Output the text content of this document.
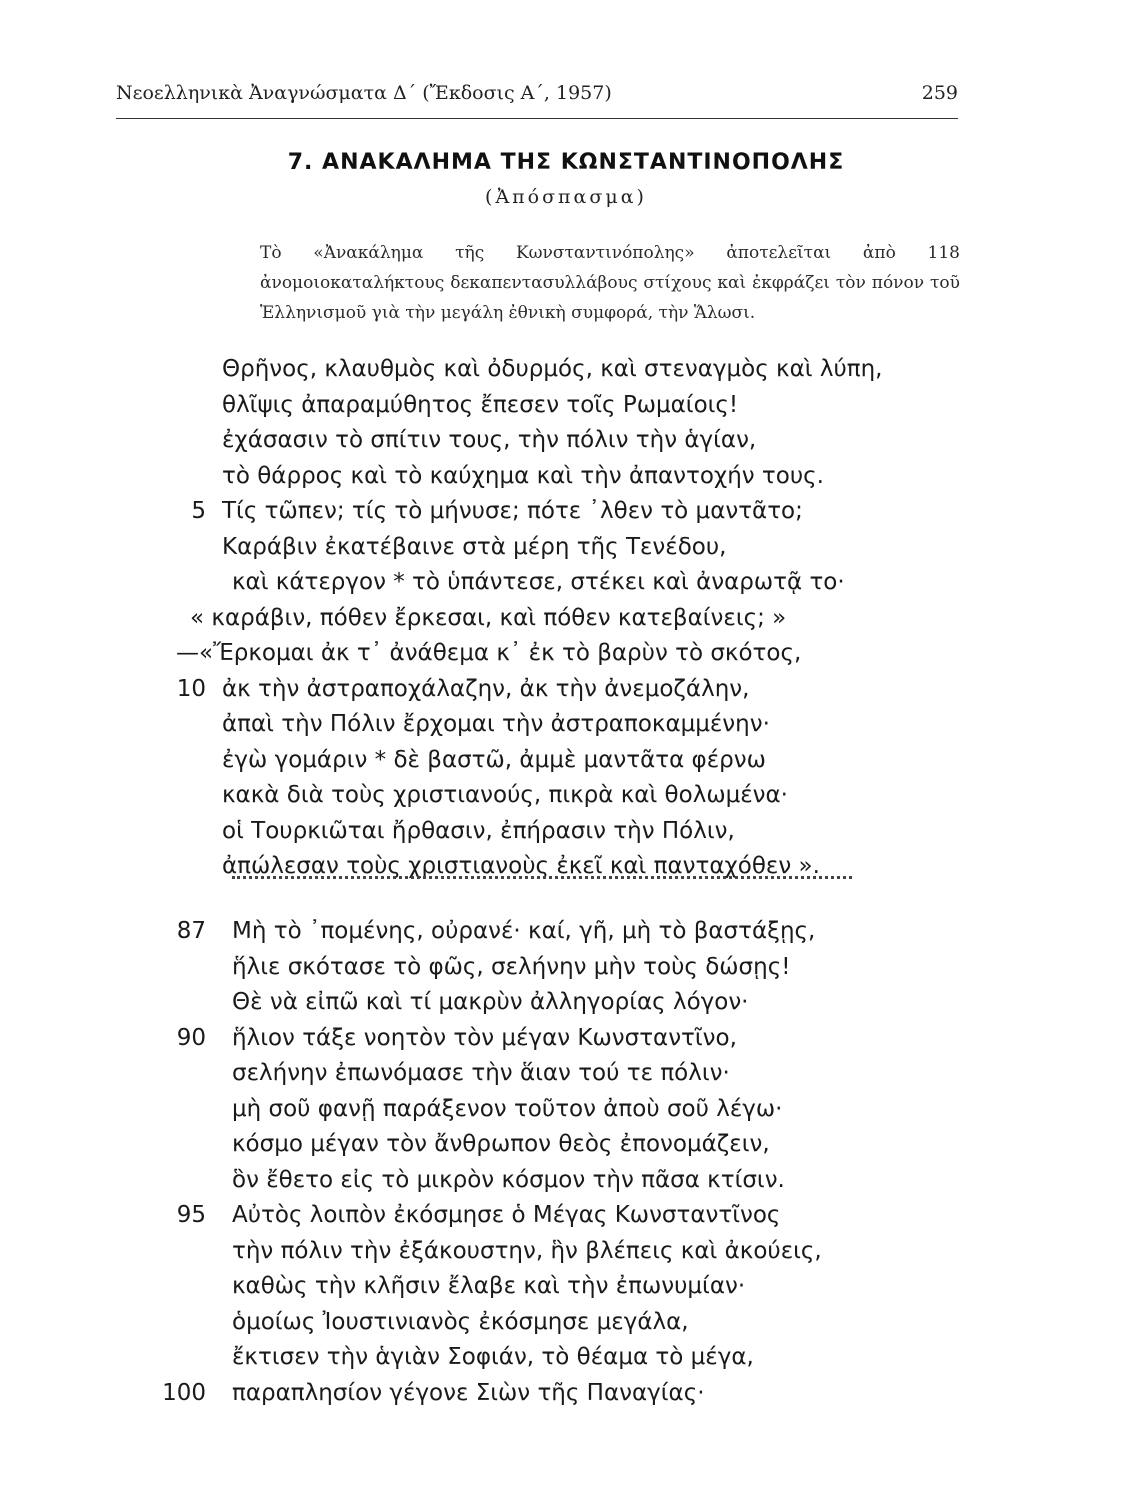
Νεοελληνικὰ Ἀναγνώσματα Δ´ (Ἔκδοσις Α´, 1957)	259
7. ΑΝΑΚΑΛΗΜΑ ΤΗΣ ΚΩΝΣΤΑΝΤΙΝΟΠΟΛΗΣ
(Ἀπόσπασμα)

Τὸ «Ἀνακάλημα τῆς Κωνσταντινόπολης» ἀποτελεῖται ἀπὸ 118 ἀνομοιοκαταλήκτους δεκαπεντασυλλάβους στίχους καὶ ἐκφράζει τὸν πόνον τοῦ Ἑλληνισμοῦ γιὰ τὴν μεγάλη ἐθνικὴ συμφορά, τὴν Ἅλωσι.

Θρῆνος, κλαυθμὸς καὶ ὀδυρμός, καὶ στεναγμὸς καὶ λύπη,
θλῖψις ἀπαραμύθητος ἔπεσεν τοῖς Ρωμαίοις!
ἐχάσασιν τὸ σπίτιν τους, τὴν πόλιν τὴν ἁγίαν,
τὸ θάρρος καὶ τὸ καύχημα καὶ τὴν ἀπαντοχήν τους.
5 Τίς τῶπεν; τίς τὸ μήνυσε; πότε ᾿λθεν τὸ μαντᾶτο;
Καράβιν ἐκατέβαινε στὰ μέρη τῆς Τενέδου,
καὶ κάτεργον * τὸ ὑπάντεσε, στέκει καὶ ἀναρωτᾷ το·
« καράβιν, πόθεν ἔρκεσαι, καὶ πόθεν κατεβαίνεις; »
—«Ἔρκομαι ἀκ τ᾿ ἀνάθεμα κ᾿ ἐκ τὸ βαρὺν τὸ σκότος,
10 ἀκ τὴν ἀστραποχάλαζην, ἀκ τὴν ἀνεμοζάλην,
ἀπαὶ τὴν Πόλιν ἔρχομαι τὴν ἀστραποκαμμένην·
ἐγὼ γομάριν * δὲ βαστῶ, ἀμμὲ μαντᾶτα φέρνω
κακὰ διὰ τοὺς χριστιανούς, πικρὰ καὶ θολωμένα·
οἱ Τουρκιῶται ἤρθασιν, ἐπήρασιν τὴν Πόλιν,
ἀπώλεσαν τοὺς χριστιανοὺς ἐκεῖ καὶ πανταχόθεν ».
87 Μὴ τὸ ᾿πομένης, οὐρανέ· καί, γῆ, μὴ τὸ βαστάξῃς,
ἥλιε σκότασε τὸ φῶς, σελήνην μὴν τοὺς δώσῃς!
Θὲ νὰ εἰπῶ καὶ τί μακρὺν ἀλληγορίας λόγον·
90 ἥλιον τάξε νοητὸν τὸν μέγαν Κωνσταντῖνο,
σελήνην ἐπωνόμασε τὴν ἅιαν τού τε πόλιν·
μὴ σοῦ φανῇ παράξενον τοῦτον ἀποὺ σοῦ λέγω·
κόσμο μέγαν τὸν ἄνθρωπον θεὸς ἐπονομάζειν,
ὃν ἔθετο εἰς τὸ μικρὸν κόσμον τὴν πᾶσα κτίσιν.
95 Αὐτὸς λοιπὸν ἐκόσμησε ὁ Μέγας Κωνσταντῖνος
τὴν πόλιν τὴν ἐξάκουστην, ἣν βλέπεις καὶ ἀκούεις,
καθὼς τὴν κλῆσιν ἔλαβε καὶ τὴν ἐπωνυμίαν·
ὁμοίως Ἰουστινιανὸς ἐκόσμησε μεγάλα,
ἔκτισεν τὴν ἁγιὰν Σοφιάν, τὸ θέαμα τὸ μέγα,
100 παραπλησίον γέγονε Σιὼν τῆς Παναγίας·
